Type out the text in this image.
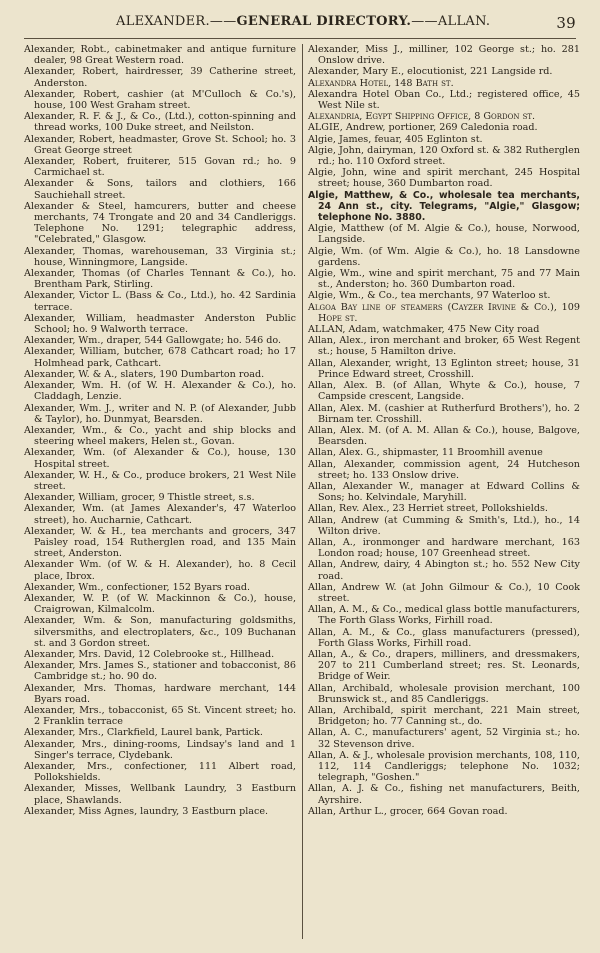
ALEXANDER.——GENERAL DIRECTORY.——ALLAN.	39

Alexander, Robt., cabinetmaker and antique furniture dealer, 98 Great Western road.

Alexander, Robert, hairdresser, 39 Catherine street, Anderston.

Alexander, Robert, cashier (at M'Culloch & Co.'s), house, 100 West Graham street.

Alexander, R. F. & J., & Co., (Ltd.), cotton-spinning and thread works, 100 Duke street, and Neilston.

Alexander, Robert, headmaster, Grove St. School; ho. 3 Great George street

Alexander, Robert, fruiterer, 515 Govan rd.; ho. 9 Carmichael st.

Alexander & Sons, tailors and clothiers, 166 Sauchiehall street.

Alexander & Steel, hamcurers, butter and cheese merchants, 74 Trongate and 20 and 34 Candleriggs. Telephone No. 1291; telegraphic address, "Celebrated," Glasgow.

Alexander, Thomas, warehouseman, 33 Virginia st.; house, Winningmore, Langside.

Alexander, Thomas (of Charles Tennant & Co.), ho. Brentham Park, Stirling.

Alexander, Victor L. (Bass & Co., Ltd.), ho. 42 Sardinia terrace.

Alexander, William, headmaster Anderston Public School; ho. 9 Walworth terrace.

Alexander, Wm., draper, 544 Gallowgate; ho. 546 do.

Alexander, William, butcher, 678 Cathcart road; ho 17 Holmhead park, Cathcart.

Alexander, W. & A., slaters, 190 Dumbarton road.

Alexander, Wm. H. (of W. H. Alexander & Co.), ho. Claddagh, Lenzie.

Alexander, Wm. J., writer and N. P. (of Alexander, Jubb & Taylor), ho. Dunmyat, Bearsden.

Alexander, Wm., & Co., yacht and ship blocks and steering wheel makers, Helen st., Govan.

Alexander, Wm. (of Alexander & Co.), house, 130 Hospital street.

Alexander, W. H., & Co., produce brokers, 21 West Nile street.

Alexander, William, grocer, 9 Thistle street, s.s.

Alexander, Wm. (at James Alexander's, 47 Waterloo street), ho. Aucharnie, Cathcart.

Alexander, W. & H., tea merchants and grocers, 347 Paisley road, 154 Rutherglen road, and 135 Main street, Anderston.

Alexander Wm. (of W. & H. Alexander), ho. 8 Cecil place, Ibrox.

Alexander, Wm., confectioner, 152 Byars road.

Alexander, W. P. (of W. Mackinnon & Co.), house, Craigrowan, Kilmalcolm.

Alexander, Wm. & Son, manufacturing goldsmiths, silversmiths, and electroplaters, &c., 109 Buchanan st. and 3 Gordon street.

Alexander, Mrs. David, 12 Colebrooke st., Hillhead.

Alexander, Mrs. James S., stationer and tobacconist, 86 Cambridge st.; ho. 90 do.

Alexander, Mrs. Thomas, hardware merchant, 144 Byars road.

Alexander, Mrs., tobacconist, 65 St. Vincent street; ho. 2 Franklin terrace

Alexander, Mrs., Clarkfield, Laurel bank, Partick.

Alexander, Mrs., dining-rooms, Lindsay's land and 1 Singer's terrace, Clydebank.

Alexander, Mrs., confectioner, 111 Albert road, Pollokshields.

Alexander, Misses, Wellbank Laundry, 3 Eastburn place, Shawlands.

Alexander, Miss Agnes, laundry, 3 Eastburn place.

Alexander, Miss J., milliner, 102 George st.; ho. 281 Onslow drive.

Alexander, Mary E., elocutionist, 221 Langside rd.

Alexandra Hotel, 148 Bath st.

Alexandra Hotel Oban Co., Ltd.; registered office, 45 West Nile st.

Alexandria, Egypt Shipping Office, 8 Gordon st.

ALGIE, Andrew, portioner, 269 Caledonia road.

Algie, James, feuar, 405 Eglinton st.

Algie, John, dairyman, 120 Oxford st. & 382 Rutherglen rd.; ho. 110 Oxford street.

Algie, John, wine and spirit merchant, 245 Hospital street; house, 360 Dumbarton road.

Algie, Matthew, & Co., wholesale tea merchants, 24 Ann st., city. Telegrams, "Algie," Glasgow; telephone No. 3880.

Algie, Matthew (of M. Algie & Co.), house, Norwood, Langside.

Algie, Wm. (of Wm. Algie & Co.), ho. 18 Lansdowne gardens.

Algie, Wm., wine and spirit merchant, 75 and 77 Main st., Anderston; ho. 360 Dumbarton road.

Algie, Wm., & Co., tea merchants, 97 Waterloo st.

Algoa Bay line of steamers (Cayzer Irvine & Co.), 109 Hope st.

ALLAN, Adam, watchmaker, 475 New City road

Allan, Alex., iron merchant and broker, 65 West Regent st.; house, 5 Hamilton drive.

Allan, Alexander, wright, 13 Eglinton street; house, 31 Prince Edward street, Crosshill.

Allan, Alex. B. (of Allan, Whyte & Co.), house, 7 Campside crescent, Langside.

Allan, Alex. M. (cashier at Rutherfurd Brothers'), ho. 2 Birnam ter. Crosshill.

Allan, Alex. M. (of A. M. Allan & Co.), house, Balgove, Bearsden.

Allan, Alex. G., shipmaster, 11 Broomhill avenue

Allan, Alexander, commission agent, 24 Hutcheson street; ho. 133 Onslow drive.

Allan, Alexander W., manager at Edward Collins & Sons; ho. Kelvindale, Maryhill.

Allan, Rev. Alex., 23 Herriet street, Pollokshields.

Allan, Andrew (at Cumming & Smith's, Ltd.), ho., 14 Wilton drive.

Allan, A., ironmonger and hardware merchant, 163 London road; house, 107 Greenhead street.

Allan, Andrew, dairy, 4 Abington st.; ho. 552 New City road.

Allan, Andrew W. (at John Gilmour & Co.), 10 Cook street.

Allan, A. M., & Co., medical glass bottle manufacturers, The Forth Glass Works, Firhill road.

Allan, A. M., & Co., glass manufacturers (pressed), Forth Glass Works, Firhill road.

Allan, A., & Co., drapers, milliners, and dressmakers, 207 to 211 Cumberland street; res. St. Leonards, Bridge of Weir.

Allan, Archibald, wholesale provision merchant, 100 Brunswick st., and 85 Candleriggs.

Allan, Archibald, spirit merchant, 221 Main street, Bridgeton; ho. 77 Canning st., do.

Allan, A. C., manufacturers' agent, 52 Virginia st.; ho. 32 Stevenson drive.

Allan, A. & J., wholesale provision merchants, 108, 110, 112, 114 Candleriggs; telephone No. 1032; telegraph, "Goshen."

Allan, A. J. & Co., fishing net manufacturers, Beith, Ayrshire.

Allan, Arthur L., grocer, 664 Govan road.
